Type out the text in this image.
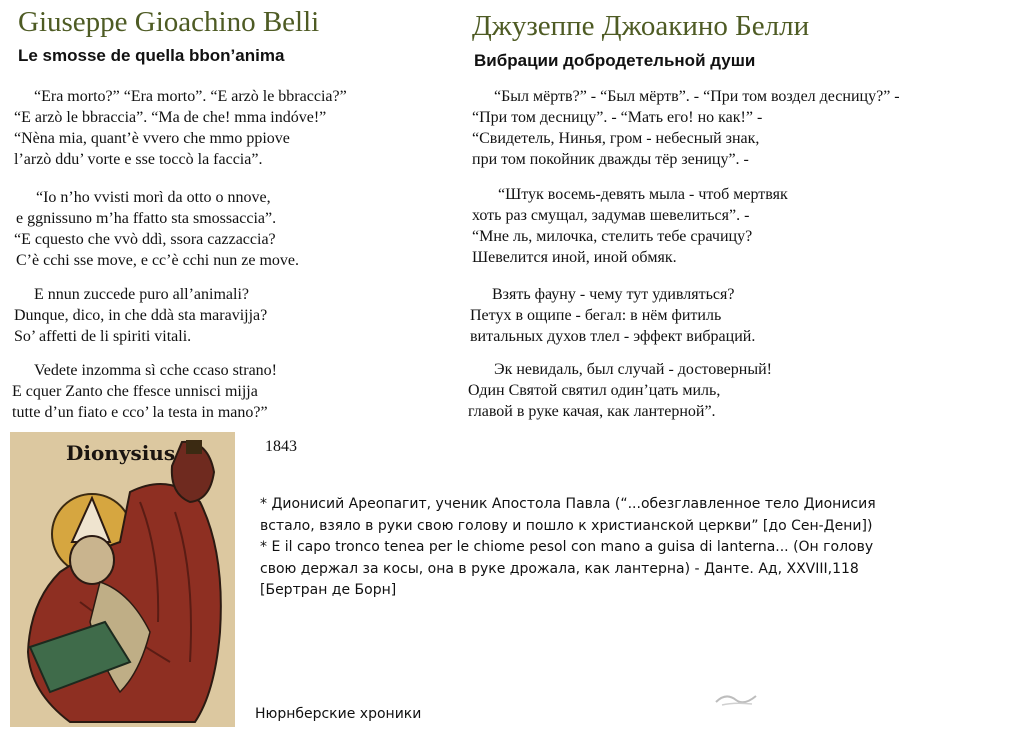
Giuseppe Gioachino Belli
Le smosse de quella bbon’anima
Джузеппе Джоакино Белли
Вибрации добродетельной души
“Era morto?” “Era morto”. “E arzò le bbraccia?”
“E arzò le bbraccia”. “Ma de che! mma indóve!”
“Nèna mia, quant’è vvero che mmo ppiove
l’arzò ddu’ vorte e sse toccò la faccia”.
“Io n’ho vvisti morì da otto o nnove,
e ggnissuno m’ha ffatto sta smossaccia”.
“E cquesto che vvò ddì, ssora cazzaccia?
C’è cchi sse move, e cc’è cchi nun ze move.
E nnun zuccede puro all’animali?
Dunque, dico, in che ddà sta maravijja?
So’ affetti de li spiriti vitali.
Vedete inzomma sì cche ccaso strano!
E cquer Zanto che ffesce unnisci mijja
tutte d’un fiato e cco’ la testa in mano?”
“Был мёртв?” - “Был мёртв”. - “При том воздел десницу?” -
“При том десницу”. - “Мать его! но как!” -
“Свидетель, Нинья, гром - небесный знак,
при том покойник дважды тёр зеницу”. -
“Штук восемь-девять мыла - чтоб мертвяк
хоть раз смущал, задумав шевелиться”. -
“Мне ль, милочка, стелить тебе срачицу?
Шевелится иной, иной обмяк.
Взять фауну - чему тут удивляться?
Петух в ощипе - бегал: в нём фитиль
витальных духов тлел - эффект вибраций.
Эк невидаль, был случай - достоверный!
Один Святой святил один’цать миль,
главой в руке качая, как лантерной”.
Dionysius	1843

* Дионисий Ареопагит, ученик Апостола Павла (“...обезглавленное тело Дионисия встало, взяло в руки свою голову и пошло к христианской церкви” [до Сен-Дени])

* E il capo tronco tenea per le chiome pesol con mano a guisa di lanterna... (Он голову свою держал за косы, она в руке дрожала, как лантерна) - Данте. Ад, XXVIII,118 [Бертран де Борн]

Нюрнберские хроники
